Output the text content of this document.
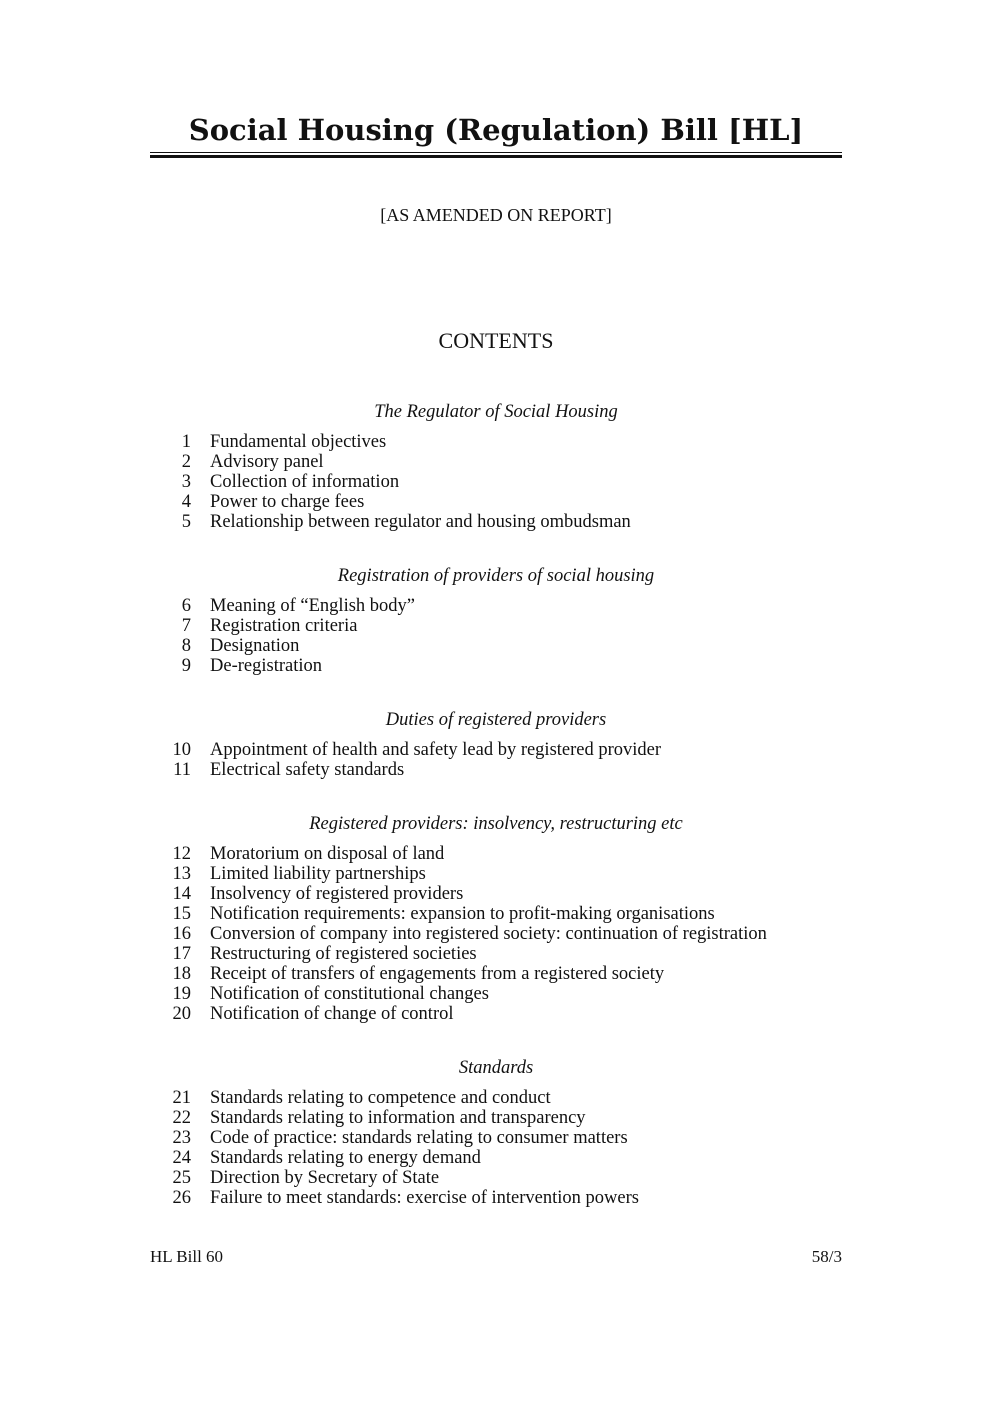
Social Housing (Regulation) Bill [HL]
[AS AMENDED ON REPORT]
CONTENTS
The Regulator of Social Housing
1	Fundamental objectives
2	Advisory panel
3	Collection of information
4	Power to charge fees
5	Relationship between regulator and housing ombudsman
Registration of providers of social housing
6	Meaning of “English body”
7	Registration criteria
8	Designation
9	De-registration
Duties of registered providers
10	Appointment of health and safety lead by registered provider
11	Electrical safety standards
Registered providers: insolvency, restructuring etc
12	Moratorium on disposal of land
13	Limited liability partnerships
14	Insolvency of registered providers
15	Notification requirements: expansion to profit-making organisations
16	Conversion of company into registered society: continuation of registration
17	Restructuring of registered societies
18	Receipt of transfers of engagements from a registered society
19	Notification of constitutional changes
20	Notification of change of control
Standards
21	Standards relating to competence and conduct
22	Standards relating to information and transparency
23	Code of practice: standards relating to consumer matters
24	Standards relating to energy demand
25	Direction by Secretary of State
26	Failure to meet standards: exercise of intervention powers
HL Bill 60	58/3
